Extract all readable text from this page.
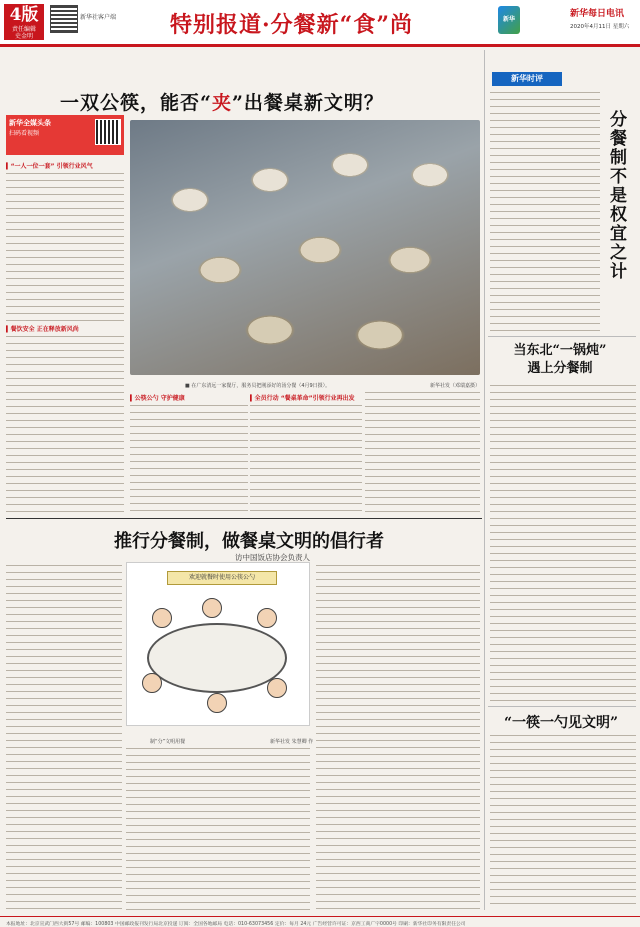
4版
责任编辑
史金明
新华社客户端 特别报道·分餐新“食”尚	新华
新华每日电讯
2020年4月11日 星期六
新华全媒头条
扫码看视频
一双公筷，能否“夹”出餐桌新文明？
■ 在广东清远一家餐厅，服务员把刚添好的汤分餐（4月9日摄）。	新华社发（邓瑞嘉摄）
▍“一人一位一套” 引领行业风气
▍餐饮安全 正在释放新风尚
▍公筷公勺 守护健康	▍全员行动 “餐桌革命”引领行业再出发
推行分餐制，做餐桌文明的倡行者
访中国饭店协会负责人
欢迎就餐时使用公筷公勺
制“分”文明用餐	新华社发 朱慧卿 作
新华时评
分餐制不是权宜之计
当东北“一锅炖”
遇上分餐制
“一筷一勺见文明”
本报地址：北京宣武门西大街57号 邮编：100803 中国邮政报刊发行局北京投递 订阅：全国各地邮局 电话：010-63073456 定价：每月 24元 广告经营许可证：京西工商广字0000号 印刷：新华社印务有限责任公司
